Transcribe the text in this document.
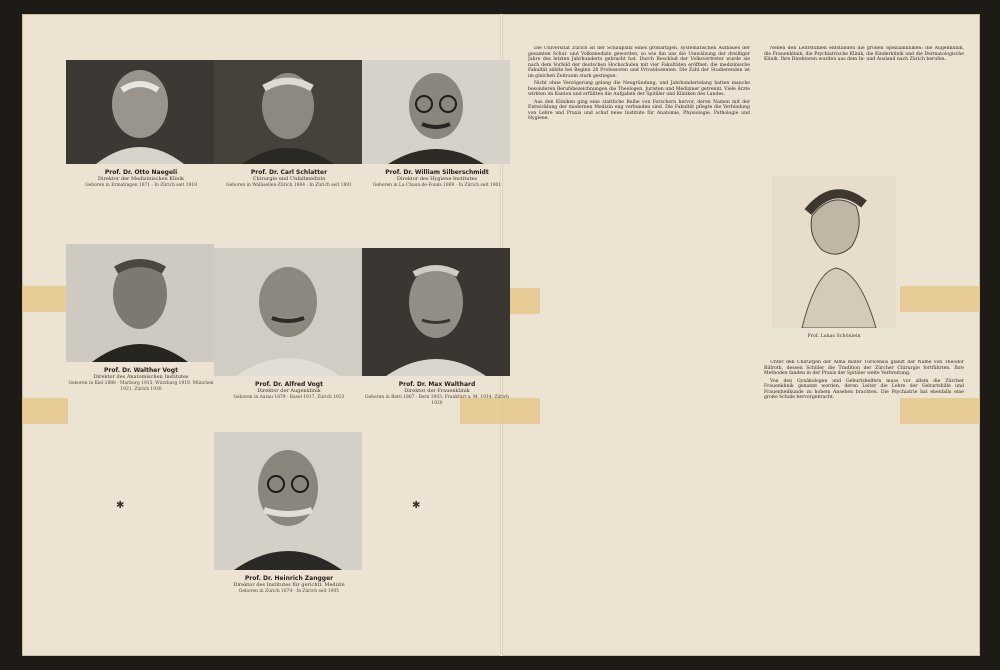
Prof. Dr. Otto Naegeli
Direktor der Medizinischen Klinik
Geboren in Ermatingen 1871 · In Zürich seit 1918
Prof. Dr. Carl Schlatter
Chirurgie und Unfallmedizin
Geboren in Wallisellen-Zürich 1864 · In Zürich seit 1891
Prof. Dr. William Silberschmidt
Direktor des Hygiene-Institutes
Geboren in La Chaux-de-Fonds 1869 · In Zürich seit 1901
Prof. Dr. Walther Vogt
Direktor des Anatomischen Institutes
Geboren in Kiel 1888 · Marburg 1915, Würzburg 1918, München 1921, Zürich 1930
Prof. Dr. Alfred Vogt
Direktor der Augenklinik
Geboren in Aarau 1879 · Basel 1917, Zürich 1923
Prof. Dr. Max Walthard
Direktor der Frauenklinik
Geboren in Bern 1867 · Bern 1903, Frankfurt a. M. 1914, Zürich 1920
Prof. Dr. Heinrich Zangger
Direktor des Institutes für gerichtl. Medizin
Geboren in Zürich 1874 · In Zürich seit 1905
✱	✱

Die Universität Zürich ist der Schauplatz eines großartigen, systematischen Aufbaues der gesamten Schul- und Volksmedizin geworden, so wie ihn uns die Umwälzung der dreißiger Jahre des letzten Jahrhunderts gebracht hat. Durch Beschluß der Volksvertreter wurde sie nach dem Vorbild der deutschen Hochschulen mit vier Fakultäten eröffnet; die medizinische Fakultät zählte bei Beginn 28 Professoren und Privatdozenten. Die Zahl der Studierenden ist im gleichen Zeitraum stark gestiegen.

Nicht ohne Verzögerung gelang die Neugründung, und Jahrhundertelang hatten manche besonderen Berufsbezeichnungen die Theologen, Juristen und Mediziner getrennt. Viele Ärzte wirkten im Kanton und erfüllten die Aufgaben der Spitäler und Kliniken des Landes.

Aus den Kliniken ging eine stattliche Reihe von Forschern hervor, deren Namen mit der Entwicklung der modernen Medizin eng verbunden sind. Die Fakultät pflegte die Verbindung von Lehre und Praxis und schuf neue Institute für Anatomie, Physiologie, Pathologie und Hygiene.

Neben den Lehrstühlen entstanden die großen Spezialkliniken: die Augenklinik, die Frauenklinik, die Psychiatrische Klinik, die Kinderklinik und die Dermatologische Klinik. Ihre Direktoren wurden aus dem In- und Ausland nach Zürich berufen.

Prof. Lukas Schönlein

Unter den Chirurgen der Alma mater Turicensis glänzt der Name von Theodor Billroth, dessen Schüler die Tradition der Zürcher Chirurgie fortführten. Ihre Methoden fanden in der Praxis der Spitäler weite Verbreitung.

Von den Gynäkologen und Geburtshelfern muss vor allem die Zürcher Frauenklinik genannt werden, deren Leiter die Lehre der Geburtshilfe und Frauenheilkunde zu hohem Ansehen brachten. Die Psychiatrie hat ebenfalls eine große Schule hervorgebracht.
